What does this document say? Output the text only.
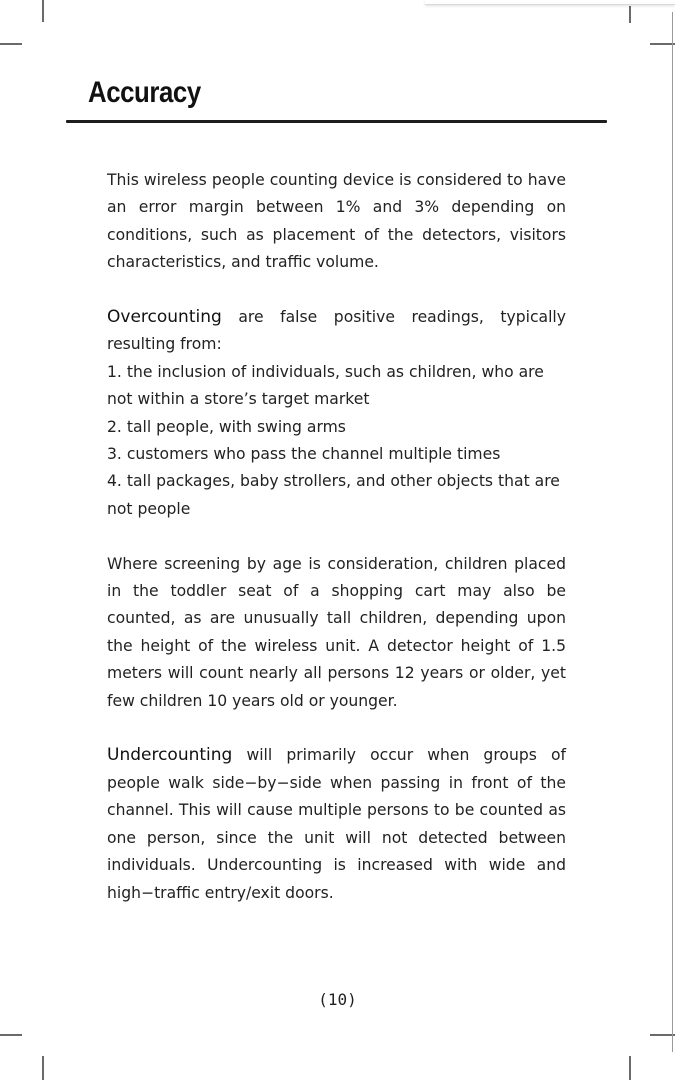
Accuracy

This wireless people counting device is considered to have an error margin between 1% and 3% depending on conditions, such as placement of the detectors, visitors characteristics, and traffic volume.

Overcounting are false positive readings, typically resulting from:

1. the inclusion of individuals, such as children, who are not within a store’s target market

2. tall people, with swing arms

3. customers who pass the channel multiple times

4. tall packages, baby strollers, and other objects that are not people

Where screening by age is consideration, children placed in the toddler seat of a shopping cart may also be counted, as are unusually tall children, depending upon the height of the wireless unit. A detector height of 1.5 meters will count nearly all persons 12 years or older, yet few children 10 years old or younger.

Undercounting will primarily occur when groups of people walk side−by−side when passing in front of the channel. This will cause multiple persons to be counted as one person, since the unit will not detected between individuals. Undercounting is increased with wide and high−traffic entry/exit doors.

(10)
